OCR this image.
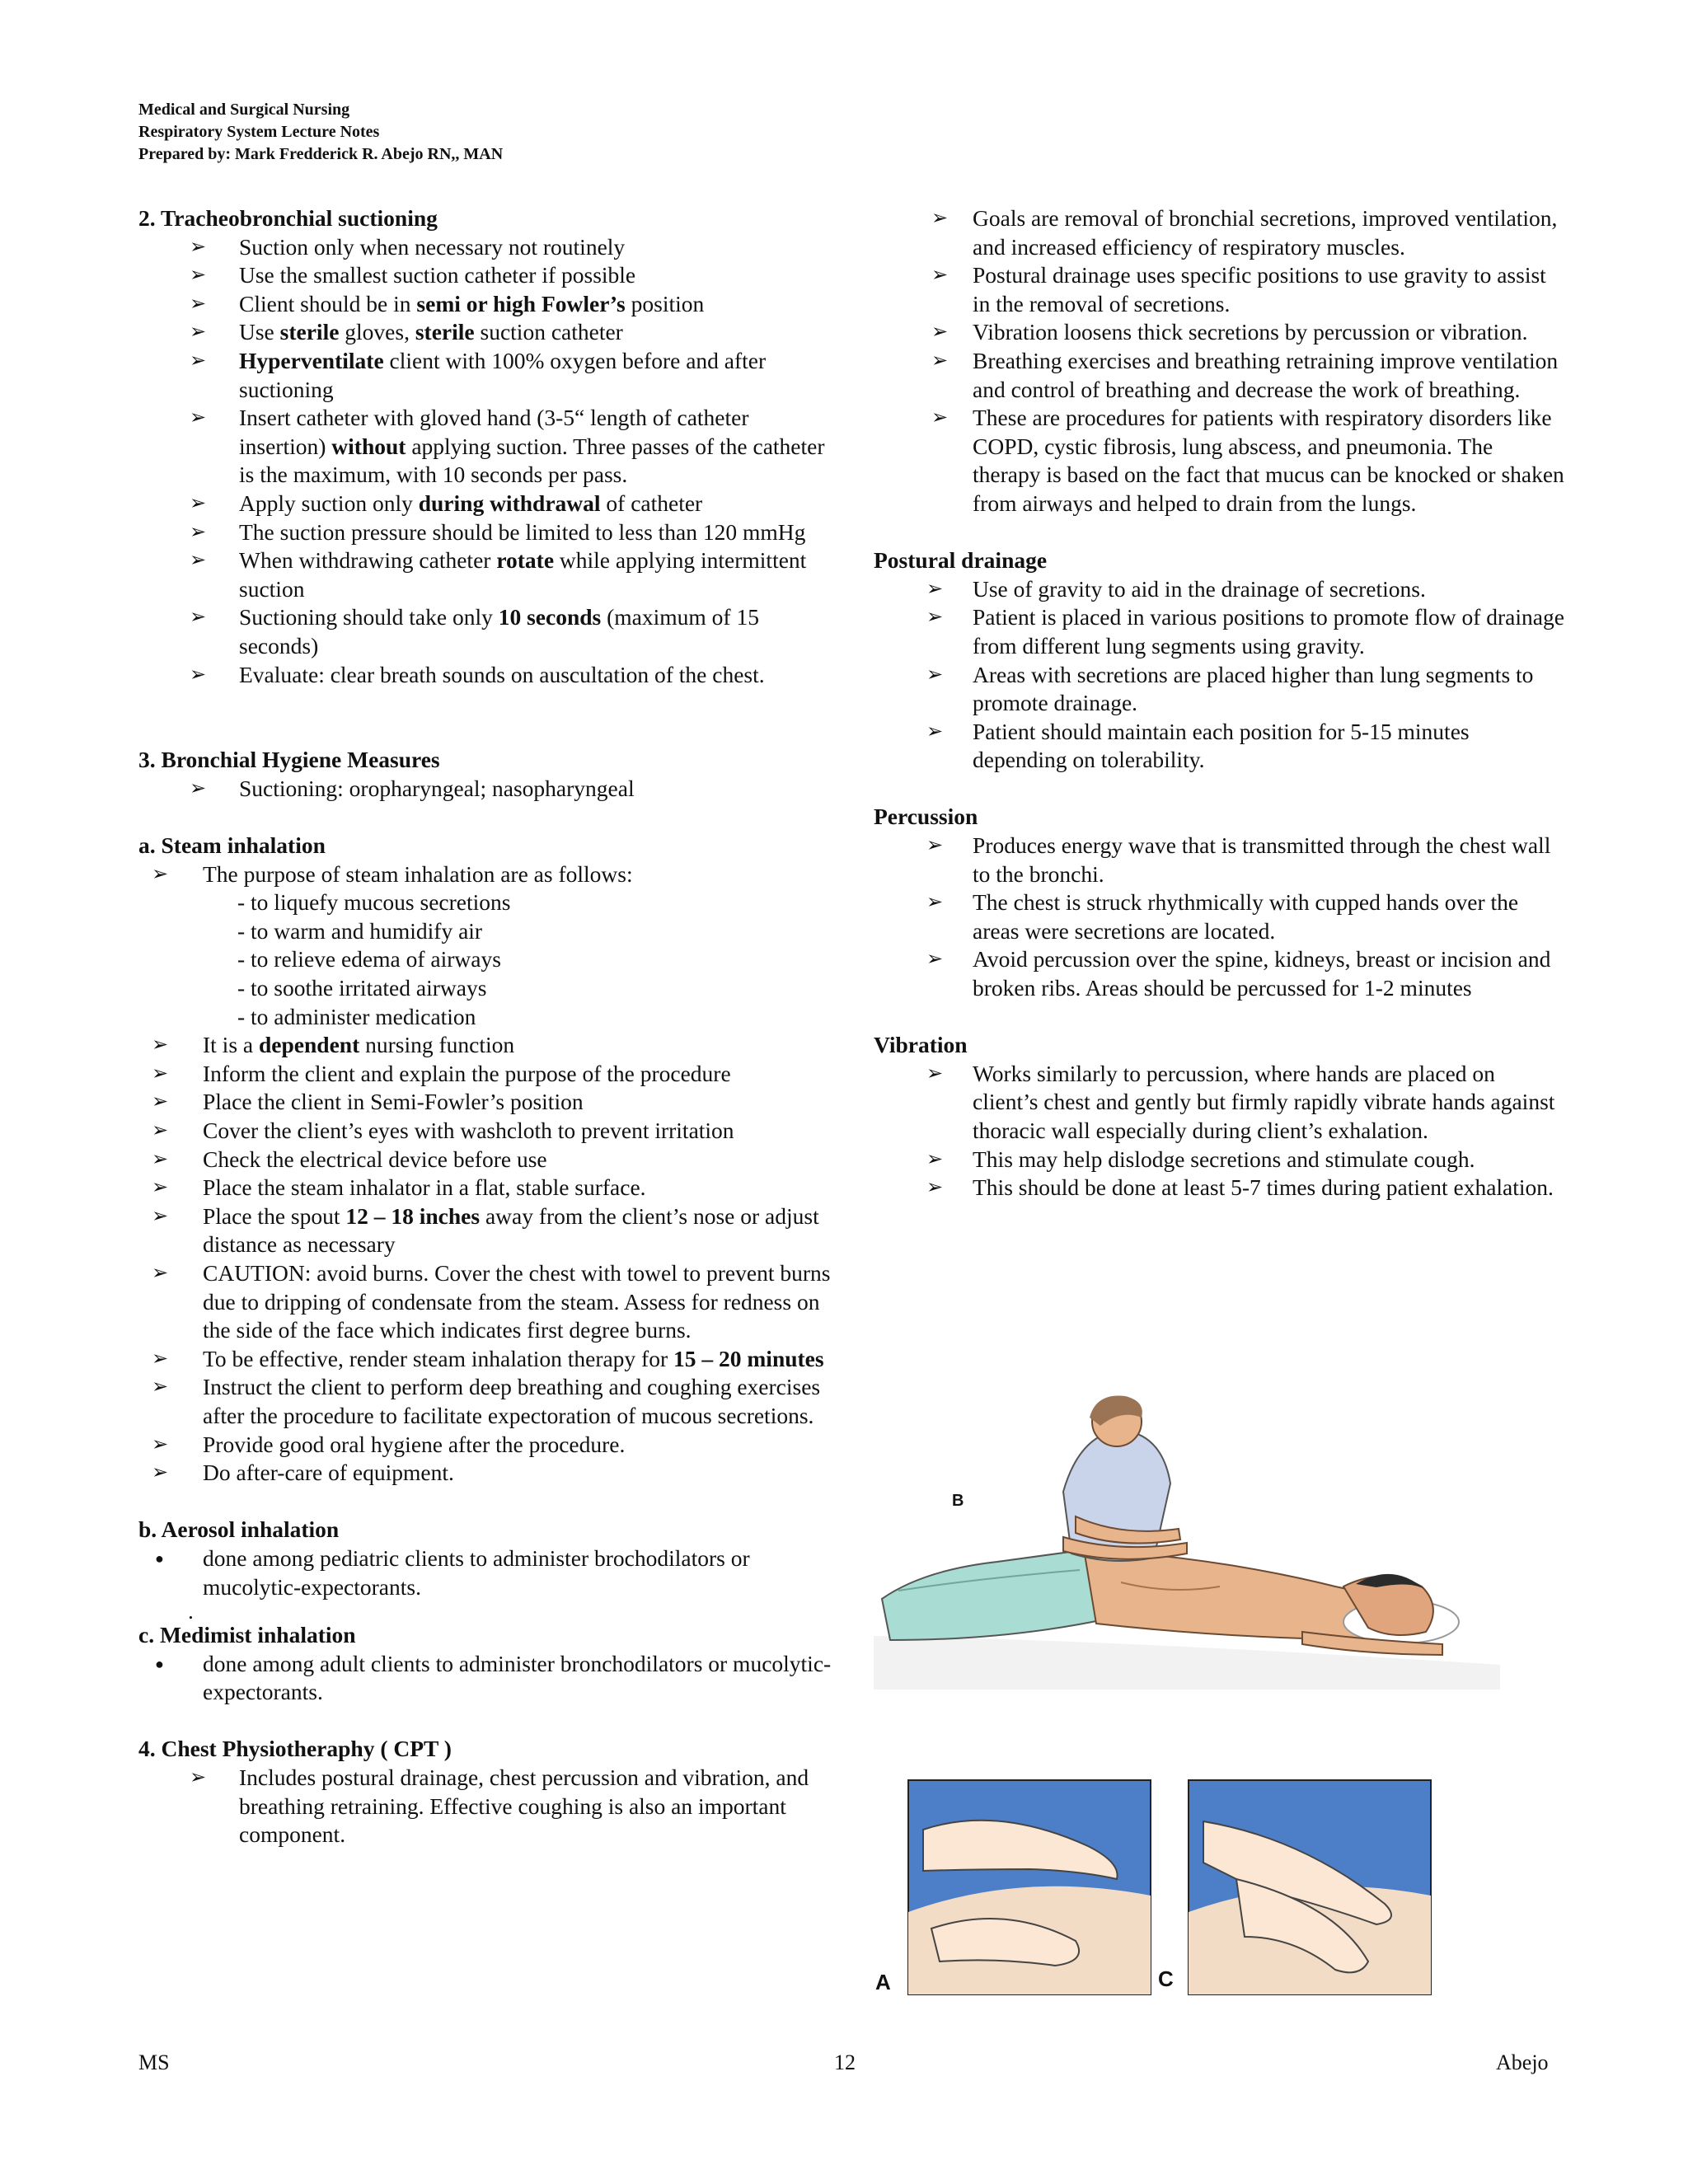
Medical and Surgical Nursing
Respiratory System Lecture Notes
Prepared by: Mark Fredderick R. Abejo RN,, MAN
2. Tracheobronchial suctioning
➢ Suction only when necessary not routinely
➢ Use the smallest suction catheter if possible
➢ Client should be in semi or high Fowler’s position
➢ Use sterile gloves, sterile suction catheter
➢ Hyperventilate client with 100% oxygen before and after suctioning
➢ Insert catheter with gloved hand (3-5“ length of catheter insertion) without applying suction. Three passes of the catheter is the maximum, with 10 seconds per pass.
➢ Apply suction only during withdrawal of catheter
➢ The suction pressure should be limited to less than 120 mmHg
➢ When withdrawing catheter rotate while applying intermittent suction
➢ Suctioning should take only 10 seconds (maximum of 15 seconds)
➢ Evaluate: clear breath sounds on auscultation of the chest.
3. Bronchial Hygiene Measures
➢ Suctioning: oropharyngeal; nasopharyngeal
a. Steam inhalation
➢ The purpose of steam inhalation are as follows:
- to liquefy mucous secretions
- to warm and humidify air
- to relieve edema of airways
- to soothe irritated airways
- to administer medication
➢ It is a dependent nursing function
➢ Inform the client and explain the purpose of the procedure
➢ Place the client in Semi-Fowler’s position
➢ Cover the client’s eyes with washcloth to prevent irritation
➢ Check the electrical device before use
➢ Place the steam inhalator in a flat, stable surface.
➢ Place the spout 12 – 18 inches away from the client’s nose or adjust distance as necessary
➢ CAUTION: avoid burns. Cover the chest with towel to prevent burns due to dripping of condensate from the steam. Assess for redness on the side of the face which indicates first degree burns.
➢ To be effective, render steam inhalation therapy for 15 – 20 minutes
➢ Instruct the client to perform deep breathing and coughing exercises after the procedure to facilitate expectoration of mucous secretions.
➢ Provide good oral hygiene after the procedure.
➢ Do after-care of equipment.
b. Aerosol inhalation
● done among pediatric clients to administer brochodilators or mucolytic-expectorants.
.
c. Medimist inhalation
● done among adult clients to administer bronchodilators or mucolytic-expectorants.
4. Chest Physiotheraphy ( CPT )
➢ Includes postural drainage, chest percussion and vibration, and breathing retraining. Effective coughing is also an important component.
➢ Goals are removal of bronchial secretions, improved ventilation, and increased efficiency of respiratory muscles.
➢ Postural drainage uses specific positions to use gravity to assist in the removal of secretions.
➢ Vibration loosens thick secretions by percussion or vibration.
➢ Breathing exercises and breathing retraining improve ventilation and control of breathing and decrease the work of breathing.
➢ These are procedures for patients with respiratory disorders like COPD, cystic fibrosis, lung abscess, and pneumonia. The therapy is based on the fact that mucus can be knocked or shaken from airways and helped to drain from the lungs.
Postural drainage
➢ Use of gravity to aid in the drainage of secretions.
➢ Patient is placed in various positions to promote flow of drainage from different lung segments using gravity.
➢ Areas with secretions are placed higher than lung segments to promote drainage.
➢ Patient should maintain each position for 5-15 minutes depending on tolerability.
Percussion
➢ Produces energy wave that is transmitted through the chest wall to the bronchi.
➢ The chest is struck rhythmically with cupped hands over the areas were secretions are located.
➢ Avoid percussion over the spine, kidneys, breast or incision and broken ribs. Areas should be percussed for 1-2 minutes
Vibration
➢ Works similarly to percussion, where hands are placed on client’s chest and gently but firmly rapidly vibrate hands against thoracic wall especially during client’s exhalation.
➢ This may help dislodge secretions and stimulate cough.
➢ This should be done at least 5-7 times during patient exhalation.
B
A	C
MS	12	Abejo
